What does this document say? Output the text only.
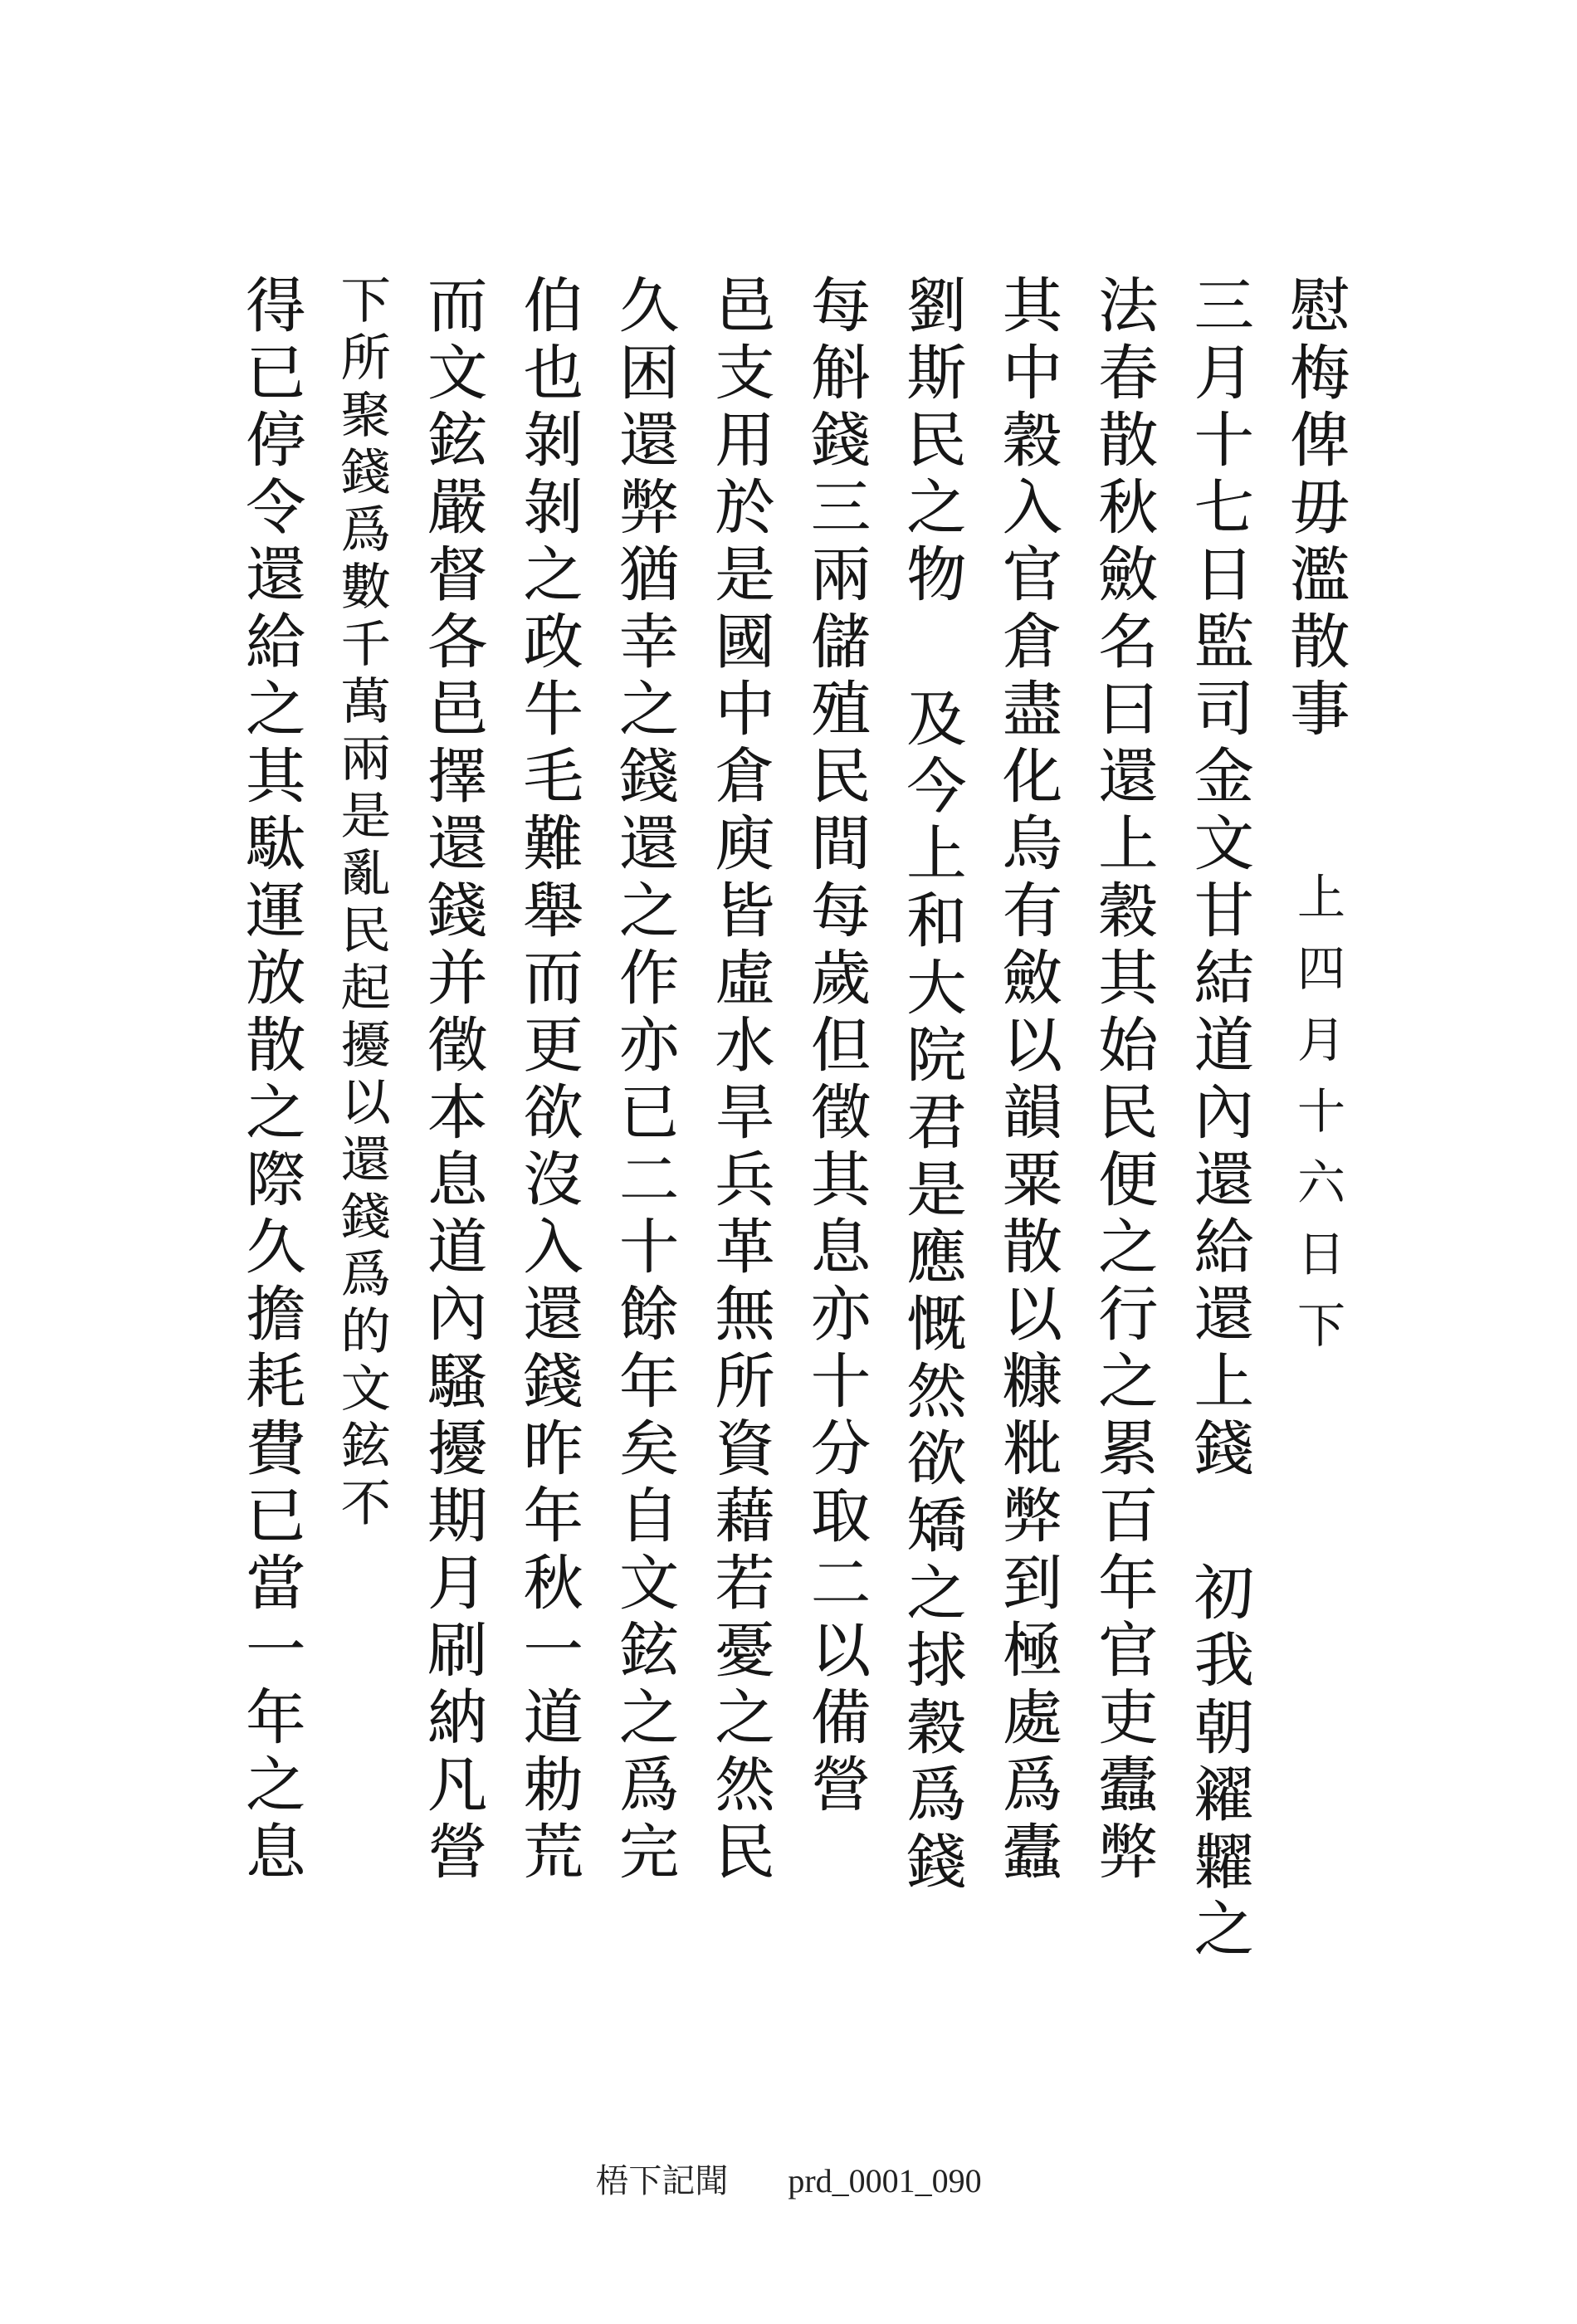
慰梅俾毋濫散事
三月十七日監司金文甘結道內還給還上錢 初我朝糴糶之
法春散秋斂名曰還上穀其始民便之行之累百年官吏蠹弊
其中穀入官倉盡化烏有斂以韻粟散以糠粃弊到極處爲蠹
劉斯民之物 及今上和大院君是應慨然欲矯之捄穀爲錢
每斛錢三兩儲殖民間每歲但徵其息亦十分取二以備營
邑支用於是國中倉庾皆虛水旱兵革無所資藉若憂之然民
久困還弊猶幸之錢還之作亦已二十餘年矣自文鉉之爲完
伯也剝剝之政牛毛難舉而更欲沒入還錢昨年秋一道勅荒
而文鉉嚴督各邑擇還錢并徵本息道內騷擾期月刷納凡營
下所聚錢爲數千萬兩是亂民起擾以還錢爲的文鉉不
得已停令還給之其駄運放散之際久擔耗費已當一年之息	上四月十六日下
梧下記聞 prd_0001_090
